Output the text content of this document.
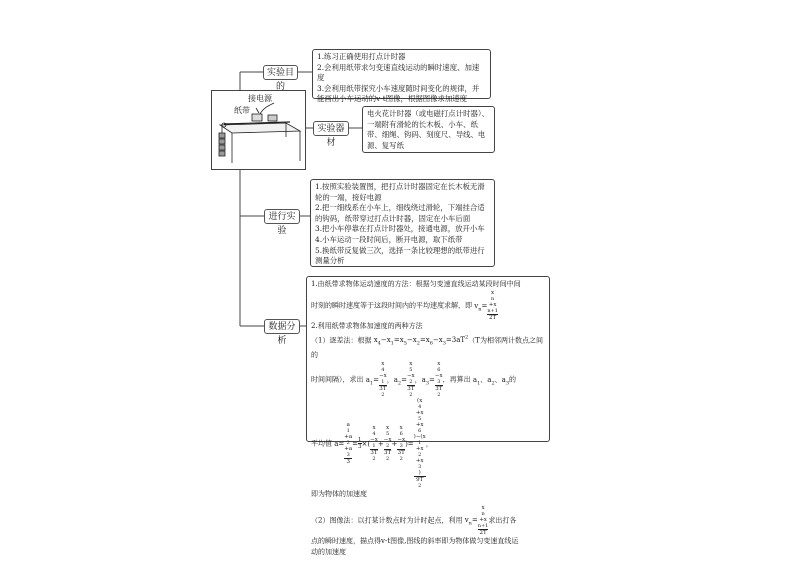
接电源
纸带
实验目的

1.练习正确使用打点计时器

2.会利用纸带求匀变速直线运动的瞬时速度、加速度

3.会利用纸带探究小车速度随时间变化的规律，并能画出小车运动的v-t图像，根据图像求加速度

实验器材

电火花计时器（或电磁打点计时器）、一端附有滑轮的长木板、小车、纸带、细绳、钩码、刻度尺、导线、电源、复写纸

进行实验

1.按照实验装置图，把打点计时器固定在长木板无滑轮的一端，接好电源

2.把一细线系在小车上，细线绕过滑轮，下端挂合适的钩码，纸带穿过打点计时器，固定在小车后面

3.把小车停靠在打点计时器处，接通电源，放开小车

4.小车运动一段时间后，断开电源，取下纸带

5.换纸带反复做三次，选择一条比较理想的纸带进行测量分析

数据分析

1.由纸带求物体运动速度的方法：根据匀变速直线运动某段时间中间

时刻的瞬时速度等于这段时间内的平均速度求解，即 $v_n= x$
n
+x
n+1
2T

2.利用纸带求物体加速度的两种方法

（1）逐差法：根据 $x_4-x_1=x_5-x_2=x_6-x_3=3aT^2(T$为相邻两计数点之间的

时间间隔），求出 $a_1= x$
4
−x
1
3T
2 ，$a_2= x$
5
−x
2
3T
2 ，$a_3= x$
6
−x
3
3T
2 ，再算出 $a_1$、$a_2$、$a_3$的

平均值 a= a
1
+a
2
+a
3
$3 = \frac{1}{3}$ ×( x
4
−x
1
3T
2 + x
5
−x
2
3T
2 + x
6
−x
3
3T
2 )= (x
4
+x
5
+x
6
)−(x
1
+x
2
+x
3
)
9T
2 ，

即为物体的加速度

（2）图像法：以打某计数点时为计时起点，利用 $v_n= x$
n
+x
n+1
2T 求出打各

点的瞬时速度，描点得v-t图像,图线的斜率即为物体做匀变速直线运

动的加速度
